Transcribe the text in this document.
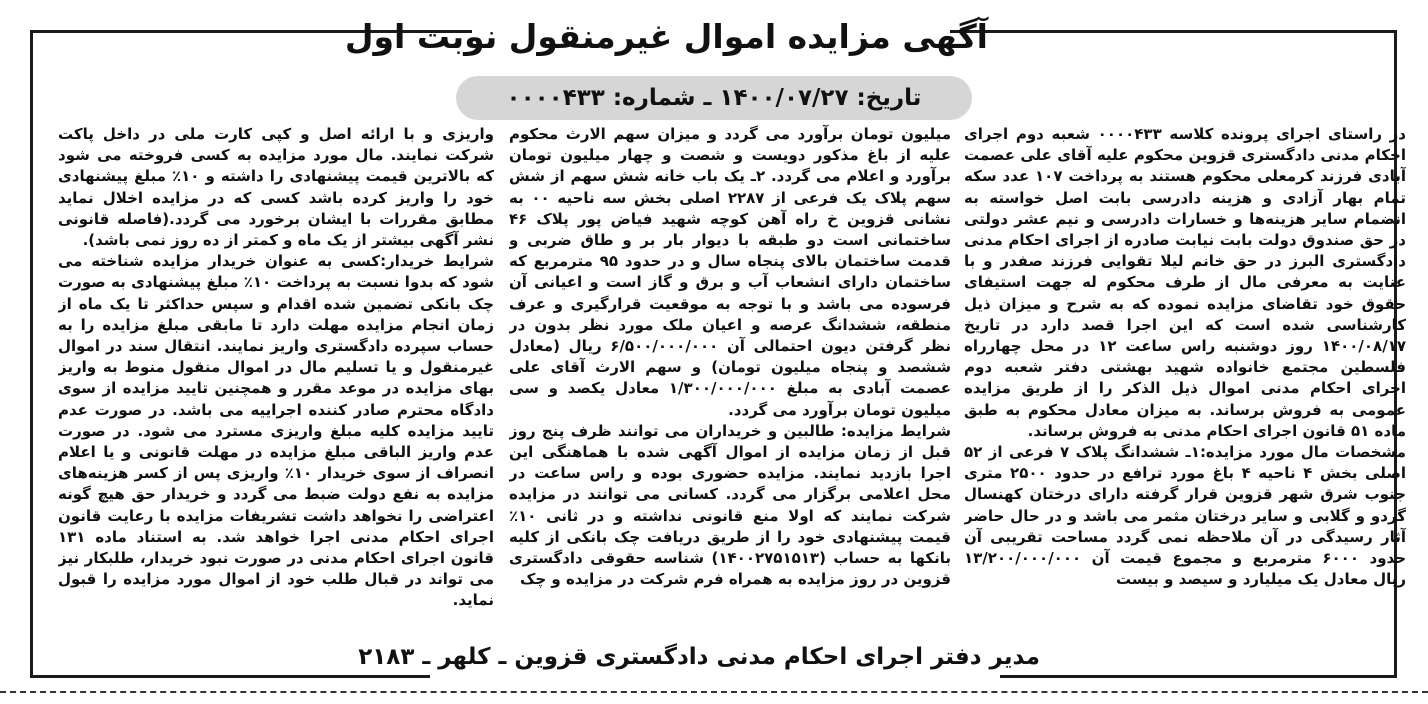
آگهی مزایده اموال غیرمنقول نوبت اول
تاریخ: ۱۴۰۰/۰۷/۲۷ ـ شماره: ۰۰۰۰۴۳۳

در راستای اجرای پرونده کلاسه ۰۰۰۰۴۳۳ شعبه دوم اجرای احکام مدنی دادگستری قزوین محکوم علیه آقای علی عصمت آبادی فرزند کرمعلی محکوم هستند به پرداخت ۱۰۷ عدد سکه تمام بهار آزادی و هزینه دادرسی بابت اصل خواسته به انضمام سایر هزینه‌ها و خسارات دادرسی و نیم عشر دولتی در حق صندوق دولت بابت نیابت صادره از اجرای احکام مدنی دادگستری البرز در حق خانم لیلا تقوایی فرزند صفدر و با عنایت به معرفی مال از طرف محکوم له جهت استیفای حقوق خود تقاضای مزایده نموده که به شرح و میزان ذیل کارشناسی شده است که این اجرا قصد دارد در تاریخ ۱۴۰۰/۰۸/۱۷ روز دوشنبه راس ساعت ۱۲ در محل چهارراه فلسطین مجتمع خانواده شهید بهشتی دفتر شعبه دوم اجرای احکام مدنی اموال ذیل الذکر را از طریق مزایده عمومی به فروش برساند. به میزان معادل محکوم به طبق ماده ۵۱ قانون اجرای احکام مدنی به فروش برساند.

مشخصات مال مورد مزایده:۱ـ ششدانگ پلاک ۷ فرعی از ۵۲ اصلی بخش ۴ ناحیه ۴ باغ مورد ترافع در حدود ۲۵۰۰ متری جنوب شرق شهر قزوین قرار گرفته دارای درختان کهنسال گردو و گلابی و سایر درختان مثمر می باشد و در حال حاضر آثار رسیدگی در آن ملاحظه نمی گردد مساحت تقریبی آن حدود ۶۰۰۰ مترمربع و مجموع قیمت آن ۱۳/۲۰۰/۰۰۰/۰۰۰ ریال معادل یک میلیارد و سیصد و بیست

میلیون تومان برآورد می گردد و میزان سهم الارث محکوم علیه از باغ مذکور دویست و شصت و چهار میلیون تومان برآورد و اعلام می گردد. ۲ـ یک باب خانه شش سهم از شش سهم پلاک یک فرعی از ۲۲۸۷ اصلی بخش سه ناحیه ۰۰ به نشانی قزوین خ راه آهن کوچه شهید فیاض پور پلاک ۴۶ ساختمانی است دو طبقه با دیوار بار بر و طاق ضربی و قدمت ساختمان بالای پنجاه سال و در حدود ۹۵ مترمربع که ساختمان دارای انشعاب آب و برق و گاز است و اعیانی آن فرسوده می باشد و با توجه به موقعیت قرارگیری و عرف منطقه، ششدانگ عرصه و اعیان ملک مورد نظر بدون در نظر گرفتن دیون احتمالی آن ۶/۵۰۰/۰۰۰/۰۰۰ ریال (معادل ششصد و پنجاه میلیون تومان) و سهم الارث آقای علی عصمت آبادی به مبلغ ۱/۳۰۰/۰۰۰/۰۰۰ معادل یکصد و سی میلیون تومان برآورد می گردد.

شرایط مزایده: طالبین و خریداران می توانند ظرف پنج روز قبل از زمان مزایده از اموال آگهی شده با هماهنگی این اجرا بازدید نمایند. مزایده حضوری بوده و راس ساعت در محل اعلامی برگزار می گردد. کسانی می توانند در مزایده شرکت نمایند که اولا منع قانونی نداشته و در ثانی ۱۰٪ قیمت پیشنهادی خود را از طریق دریافت چک بانکی از کلیه بانکها به حساب (۱۴۰۰۲۷۵۱۵۱۳) شناسه حقوقی دادگستری قزوین در روز مزایده به همراه فرم شرکت در مزایده و چک

واریزی و با ارائه اصل و کپی کارت ملی در داخل پاکت شرکت نمایند. مال مورد مزایده به کسی فروخته می شود که بالاترین قیمت پیشنهادی را داشته و ۱۰٪ مبلغ پیشنهادی خود را واریز کرده باشد کسی که در مزایده اخلال نماید مطابق مقررات با ایشان برخورد می گردد.(فاصله قانونی نشر آگهی بیشتر از یک ماه و کمتر از ده روز نمی باشد).

شرایط خریدار:کسی به عنوان خریدار مزایده شناخته می شود که بدوا نسبت به پرداخت ۱۰٪ مبلغ پیشنهادی به صورت چک بانکی تضمین شده اقدام و سپس حداکثر تا یک ماه از زمان انجام مزایده مهلت دارد تا مابقی مبلغ مزایده را به حساب سپرده دادگستری واریز نمایند. انتقال سند در اموال غیرمنقول و یا تسلیم مال در اموال منقول منوط به واریز بهای مزایده در موعد مقرر و همچنین تایید مزایده از سوی دادگاه محترم صادر کننده اجراییه می باشد. در صورت عدم تایید مزایده کلیه مبلغ واریزی مسترد می شود. در صورت عدم واریز الباقی مبلغ مزایده در مهلت قانونی و یا اعلام انصراف از سوی خریدار ۱۰٪ واریزی پس از کسر هزینه‌های مزایده به نفع دولت ضبط می گردد و خریدار حق هیچ گونه اعتراضی را نخواهد داشت تشریفات مزایده با رعایت قانون اجرای احکام مدنی اجرا خواهد شد. به استناد ماده ۱۳۱ قانون اجرای احکام مدنی در صورت نبود خریدار، طلبکار نیز می تواند در قبال طلب خود از اموال مورد مزایده را قبول نماید.

مدیر دفتر اجرای احکام مدنی دادگستری قزوین ـ کلهر ـ ۲۱۸۳
